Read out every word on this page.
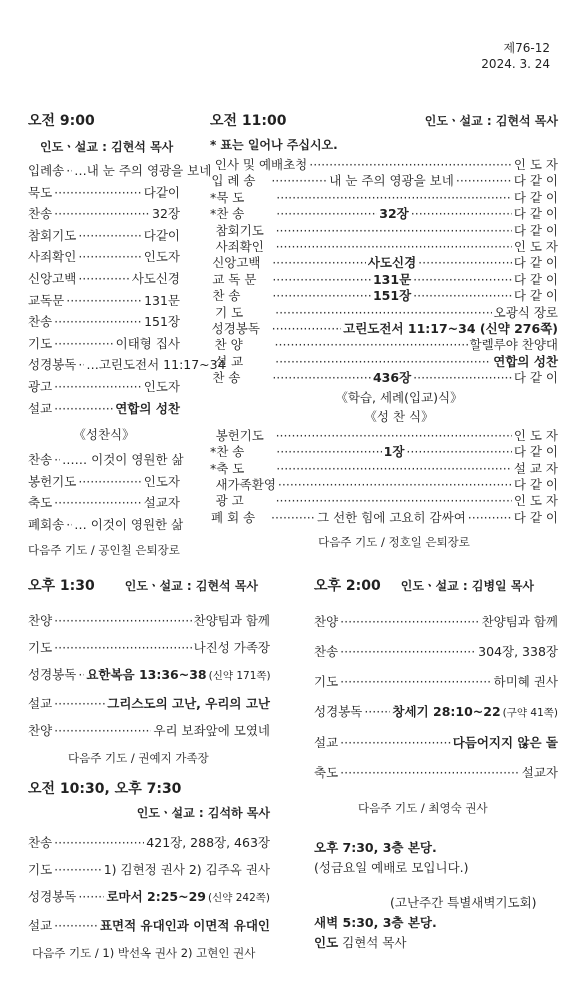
제76-12
2024. 3. 24
오전 9:00
인도ㆍ설교 : 김현석 목사
입례송 ····· …내 눈 주의 영광을 보네
묵도 ·····	다같이
찬송 ·····	32장
참회기도 ·····	다같이
사죄확인 ·····	인도자
신앙고백 ·····	사도신경
교독문 ·····	131문
찬송 ·····	151장
기도 ·····	이태형 집사
성경봉독 ····· …고린도전서 11:17~34
광고 ·····	인도자
설교 ·····	연합의 성찬
《성찬식》
찬송 ····· …… 이것이 영원한 삶
봉헌기도 ·····	인도자
축도 ·····	설교자
폐회송 ····· … 이것이 영원한 삶
다음주 기도 / 공인칠 은퇴장로
오전 11:00	인도ㆍ설교 : 김현석 목사
* 표는 일어나 주십시오.
인사 및 예배초청 ·····	인 도 자
입 례 송 ·····	내 눈 주의 영광을 보네 ·····	다 같 이
* 묵 도 ·····	다 같 이
* 찬 송 ·····	32장 ·····	다 같 이
참회기도 ·····	다 같 이
사죄확인 ·····	인 도 자
신앙고백 ·····	사도신경 ·····	다 같 이
교 독 문 ·····	131문 ·····	다 같 이
찬 송 ·····	151장 ·····	다 같 이
기 도 ·····	오광식 장로
성경봉독 ·····	고린도전서 11:17~34 (신약 276쪽)
찬 양 ·····	할렐루야 찬양대
설 교 ·····	연합의 성찬
찬 송 ·····	436장 ·····	다 같 이
《학습, 세례(입교)식》
《성 찬 식》
봉헌기도 ·····	인 도 자
* 찬 송 ·····	1장 ·····	다 같 이
* 축 도 ·····	설 교 자
새가족환영 ·····	다 같 이
광 고 ·····	인 도 자
폐 회 송 ·····	그 선한 힘에 고요히 감싸여 ·····	다 같 이
다음주 기도 / 정호일 은퇴장로
오후 1:30	인도ㆍ설교 : 김현석 목사
찬양 ·····	찬양팀과 함께
기도 ·····	나진성 가족장
성경봉독 ····· 요한복음 13:36~38 (신약 171쪽)
설교 ·····	그리스도의 고난, 우리의 고난
찬양 ·····	우리 보좌앞에 모였네
다음주 기도 / 권예지 가족장
오후 2:00 인도ㆍ설교 : 김병일 목사
찬양 ·····	찬양팀과 함께
찬송 ·····	304장, 338장
기도 ·····	하미혜 권사
성경봉독 ····· 창세기 28:10~22 (구약 41쪽)
설교 ·····	다듬어지지 않은 돌
축도 ·····	설교자
다음주 기도 / 최영숙 권사
오전 10:30, 오후 7:30
인도ㆍ설교 : 김석하 목사
찬송 ·····	421장, 288장, 463장
기도 ·····	1) 김현정 권사 2) 김주옥 권사
성경봉독 ····· 로마서 2:25~29 (신약 242쪽)
설교 ·····	표면적 유대인과 이면적 유대인
다음주 기도 / 1) 박선옥 권사 2) 고현인 권사
오후 7:30, 3층 본당.
(성금요일 예배로 모입니다.)
(고난주간 특별새벽기도회)
새벽 5:30, 3층 본당.
인도 김현석 목사
